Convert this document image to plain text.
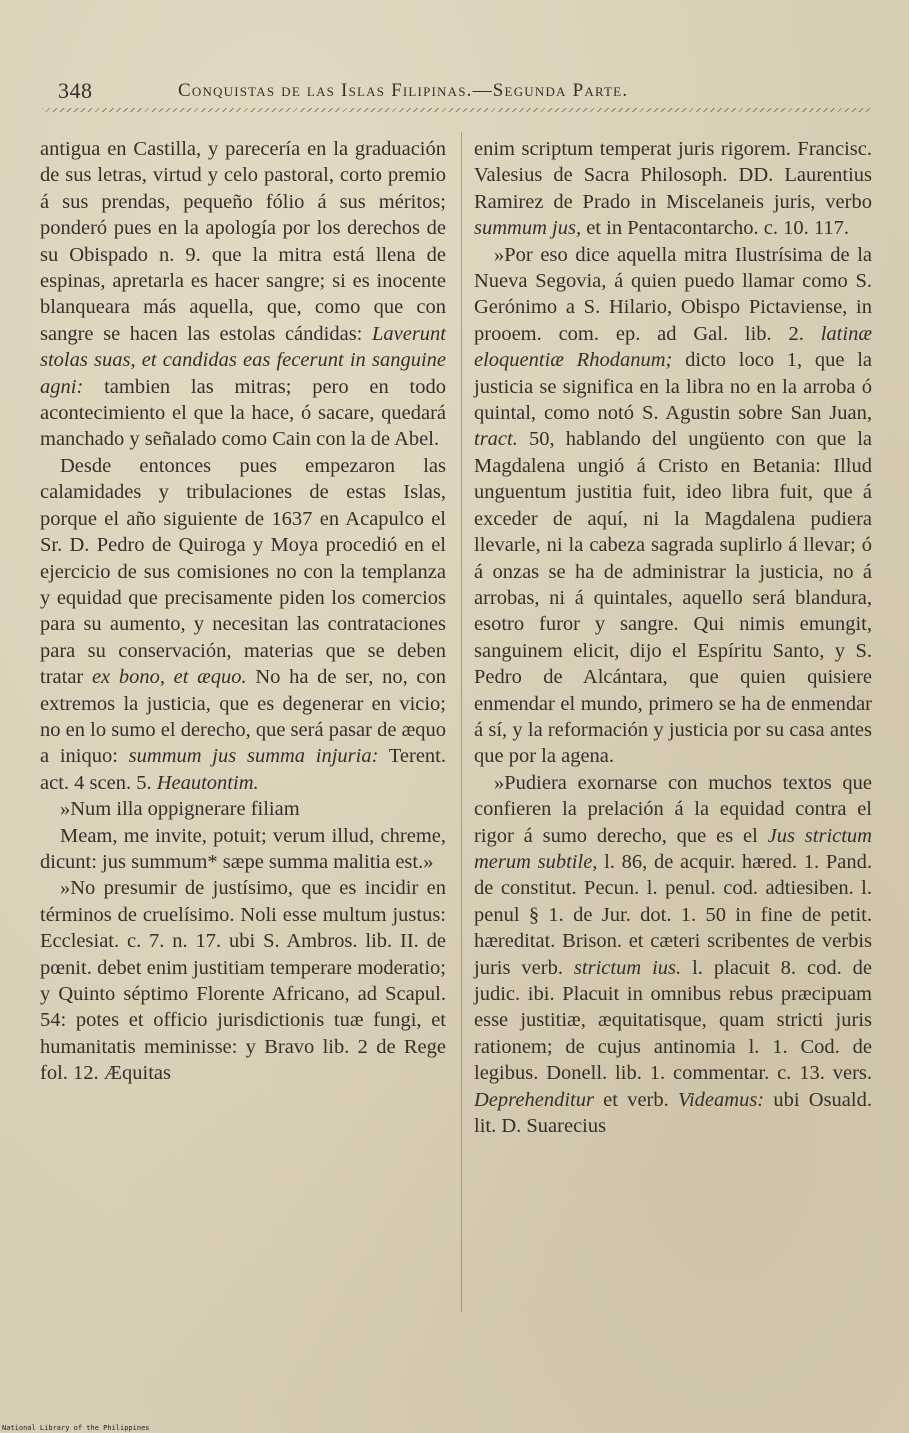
348	Conquistas de las Islas Filipinas.—Segunda Parte.

antigua en Castilla, y parecería en la graduación de sus letras, virtud y celo pastoral, corto premio á sus prendas, pequeño fólio á sus méritos; ponderó pues en la apología por los derechos de su Obispado n. 9. que la mitra está llena de espinas, apretarla es hacer sangre; si es inocente blanqueara más aquella, que, como que con sangre se hacen las estolas cándidas: Laverunt stolas suas, et candidas eas fecerunt in sanguine agni: tambien las mitras; pero en todo acontecimiento el que la hace, ó sacare, quedará manchado y señalado como Cain con la de Abel.

Desde entonces pues empezaron las calamidades y tribulaciones de estas Islas, porque el año siguiente de 1637 en Acapulco el Sr. D. Pedro de Quiroga y Moya procedió en el ejercicio de sus comisiones no con la templanza y equidad que precisamente piden los comercios para su aumento, y necesitan las contrataciones para su conservación, materias que se deben tratar ex bono, et æquo. No ha de ser, no, con extremos la justicia, que es degenerar en vicio; no en lo sumo el derecho, que será pasar de æquo a iniquo: summum jus summa injuria: Terent. act. 4 scen. 5. Heautontim.

»Num illa oppignerare filiam

Meam, me invite, potuit; verum illud, chreme, dicunt: jus summum* sæpe summa malitia est.»

»No presumir de justísimo, que es incidir en términos de cruelísimo. Noli esse multum justus: Ecclesiat. c. 7. n. 17. ubi S. Ambros. lib. II. de pœnit. debet enim justitiam temperare moderatio; y Quinto séptimo Florente Africano, ad Scapul. 54: potes et officio jurisdictionis tuæ fungi, et humanitatis meminisse: y Bravo lib. 2 de Rege fol. 12. Æquitas

enim scriptum temperat juris rigorem. Francisc. Valesius de Sacra Philosoph. DD. Laurentius Ramirez de Prado in Miscelaneis juris, verbo summum jus, et in Pentacontarcho. c. 10. 117.

»Por eso dice aquella mitra Ilustrísima de la Nueva Segovia, á quien puedo llamar como S. Gerónimo a S. Hilario, Obispo Pictaviense, in prooem. com. ep. ad Gal. lib. 2. latinæ eloquentiæ Rhodanum; dicto loco 1, que la justicia se significa en la libra no en la arroba ó quintal, como notó S. Agustin sobre San Juan, tract. 50, hablando del ungüento con que la Magdalena ungió á Cristo en Betania: Illud unguentum justitia fuit, ideo libra fuit, que á exceder de aquí, ni la Magdalena pudiera llevarle, ni la cabeza sagrada suplirlo á llevar; ó á onzas se ha de administrar la justicia, no á arrobas, ni á quintales, aquello será blandura, esotro furor y sangre. Qui nimis emungit, sanguinem elicit, dijo el Espíritu Santo, y S. Pedro de Alcántara, que quien quisiere enmendar el mundo, primero se ha de enmendar á sí, y la reformación y justicia por su casa antes que por la agena.

»Pudiera exornarse con muchos textos que confieren la prelación á la equidad contra el rigor á sumo derecho, que es el Jus strictum merum subtile, l. 86, de acquir. hæred. 1. Pand. de constitut. Pecun. l. penul. cod. adtiesiben. l. penul § 1. de Jur. dot. 1. 50 in fine de petit. hæreditat. Brison. et cæteri scribentes de verbis juris verb. strictum ius. l. placuit 8. cod. de judic. ibi. Placuit in omnibus rebus præcipuam esse justitiæ, æquitatisque, quam stricti juris rationem; de cujus antinomia l. 1. Cod. de legibus. Donell. lib. 1. commentar. c. 13. vers. Deprehenditur et verb. Videamus: ubi Osuald. lit. D. Suarecius

National Library of the Philippines
